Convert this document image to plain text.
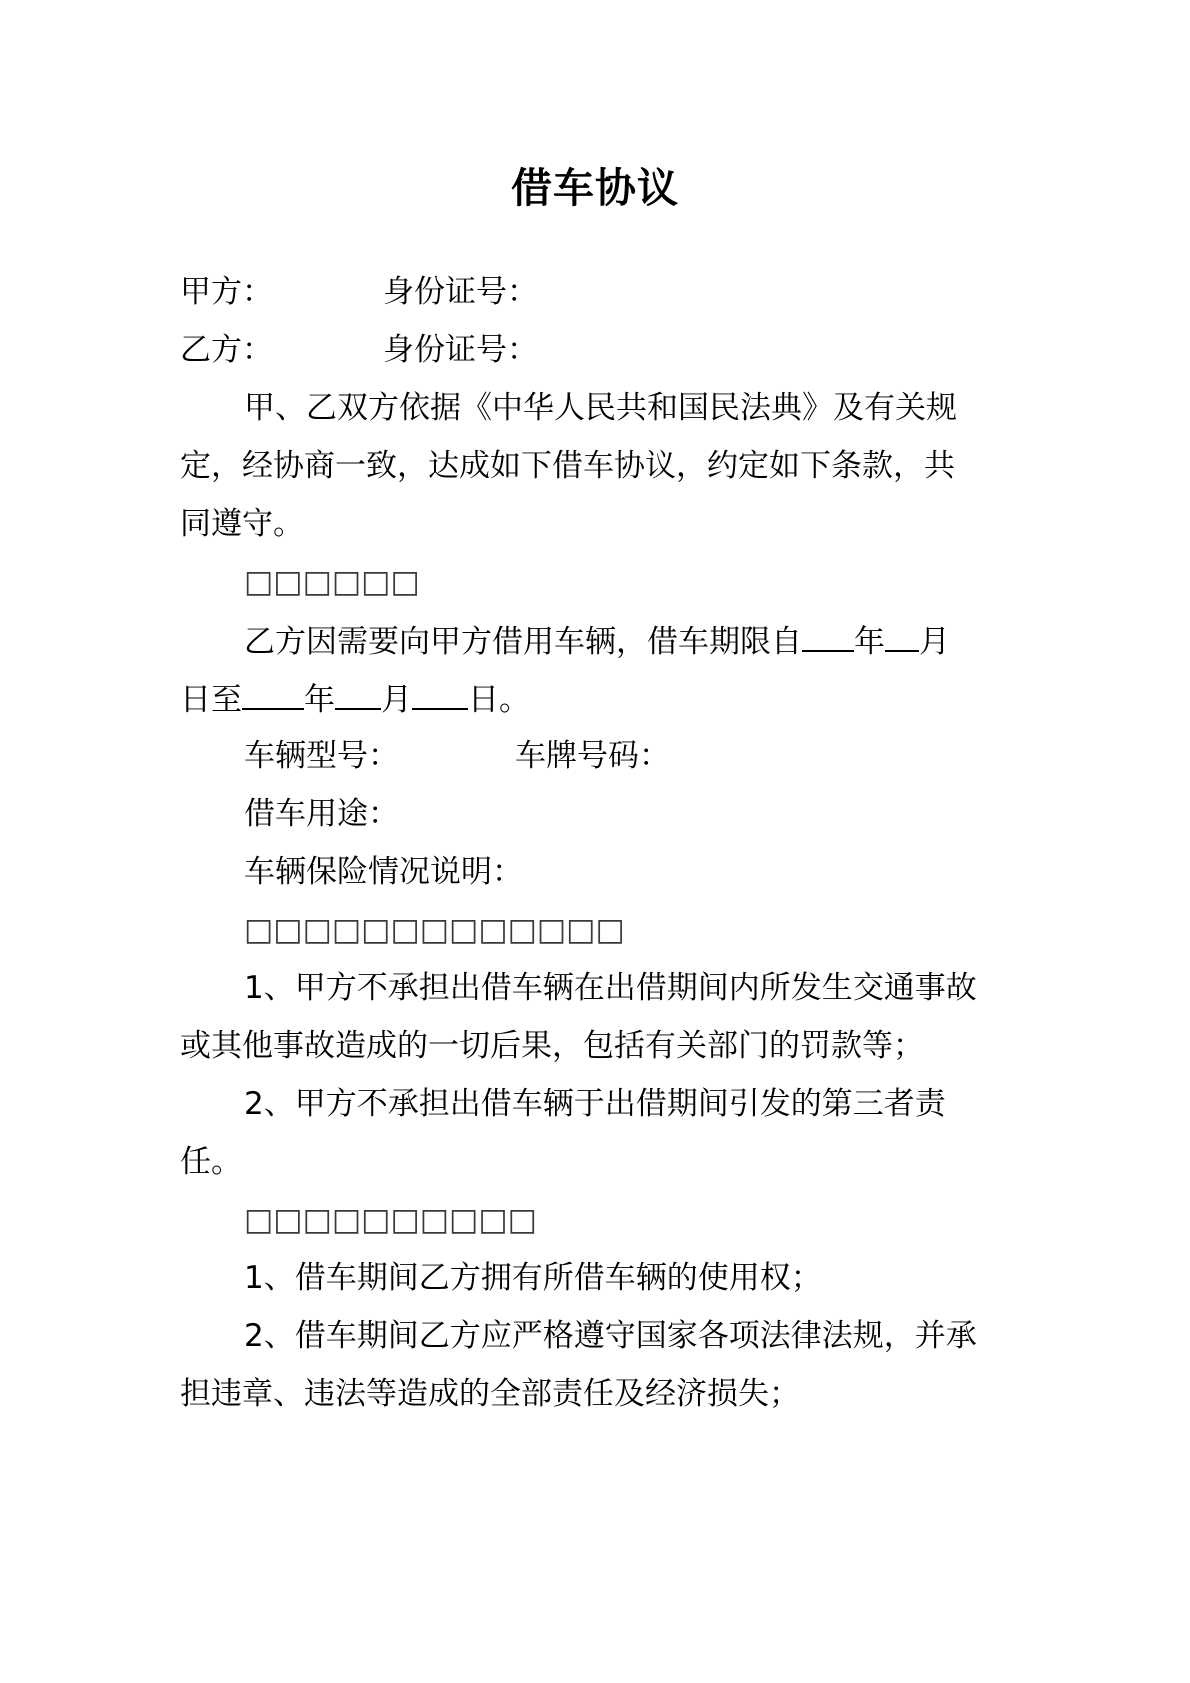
借车协议
甲方：	身份证号：
乙方：	身份证号：
甲、乙双方依据《中华人民共和国民法典》及有关规
定，经协商一致，达成如下借车协议，约定如下条款，共
同遵守。
□□□□□□
乙方因需要向甲方借用车辆，借车期限自 年 月
日至 年 月 日。
车辆型号：	车牌号码：
借车用途：
车辆保险情况说明：
□□□□□□□□□□□□□
1、甲方不承担出借车辆在出借期间内所发生交通事故
或其他事故造成的一切后果，包括有关部门的罚款等；
2、甲方不承担出借车辆于出借期间引发的第三者责
任。
□□□□□□□□□□
1、借车期间乙方拥有所借车辆的使用权；
2、借车期间乙方应严格遵守国家各项法律法规，并承
担违章、违法等造成的全部责任及经济损失；
